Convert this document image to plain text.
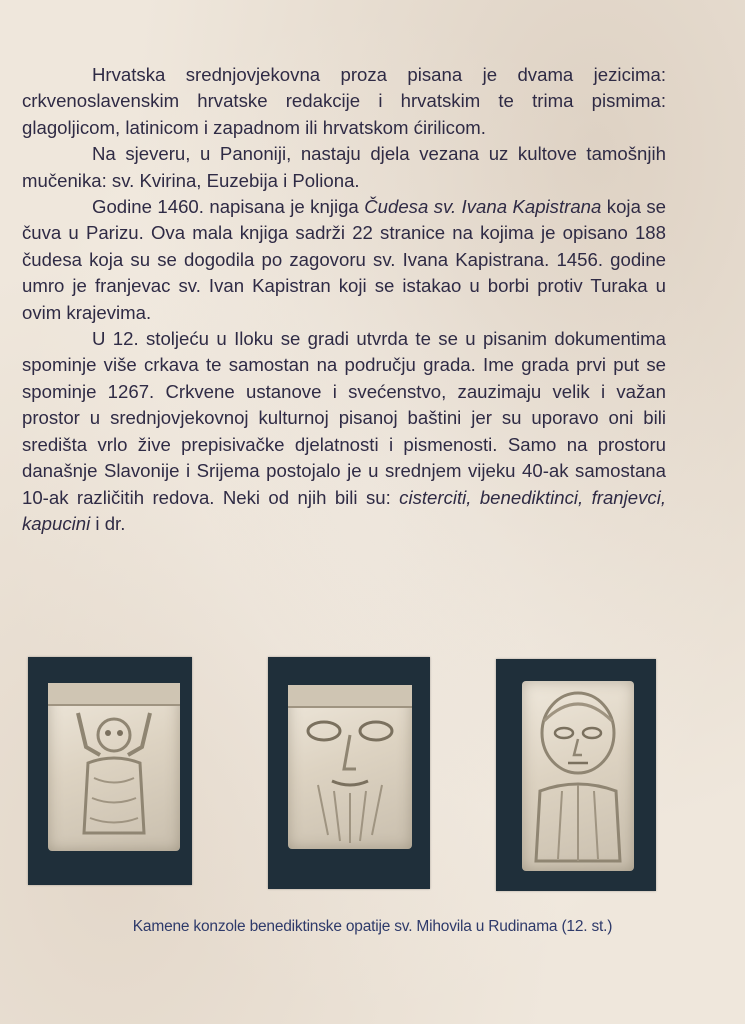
Hrvatska srednjovjekovna proza pisana je dvama jezicima: crkvenoslavenskim hrvatske redakcije i hrvatskim te trima pismima: glagoljicom, latinicom i zapadnom ili hrvatskom ćirilicom.

Na sjeveru, u Panoniji, nastaju djela vezana uz kultove tamošnjih mučenika: sv. Kvirina, Euzebija i Poliona.

Godine 1460. napisana je knjiga Čudesa sv. Ivana Kapistrana koja se čuva u Parizu. Ova mala knjiga sadrži 22 stranice na kojima je opisano 188 čudesa koja su se dogodila po zagovoru sv. Ivana Kapistrana. 1456. godine umro je franjevac sv. Ivan Kapistran koji se istakao u borbi protiv Turaka u ovim krajevima.

U 12. stoljeću u Iloku se gradi utvrda te se u pisanim dokumentima spominje više crkava te samostan na području grada. Ime grada prvi put se spominje 1267. Crkvene ustanove i svećenstvo, zauzimaju velik i važan prostor u srednjovjekovnoj kulturnoj pisanoj baštini jer su uporavo oni bili središta vrlo žive prepisivačke djelatnosti i pismenosti. Samo na prostoru današnje Slavonije i Srijema postojalo je u srednjem vijeku 40-ak samostana 10-ak različitih redova. Neki od njih bili su: cisterciti, benediktinci, franjevci, kapucini i dr.

Kamene konzole benediktinske opatije sv. Mihovila u Rudinama (12. st.)
